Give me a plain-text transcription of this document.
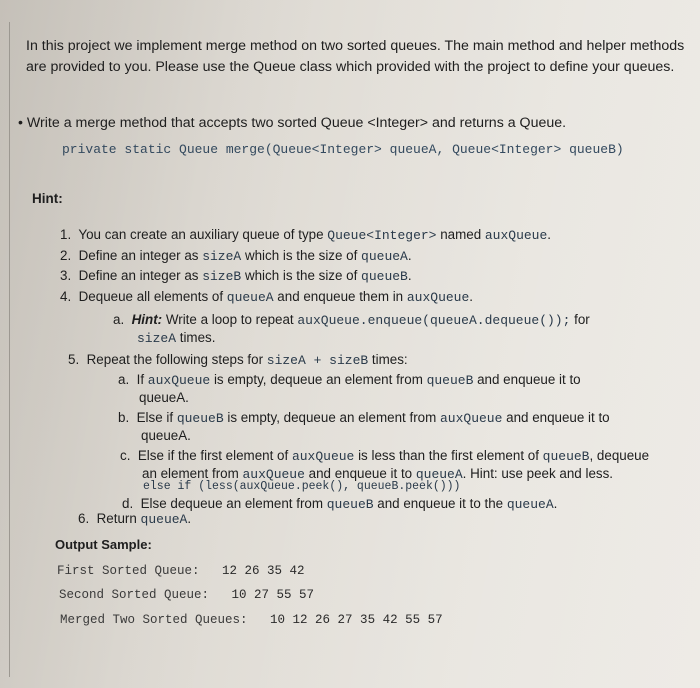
In this project we implement merge method on two sorted queues. The main method and helper methods are provided to you. Please use the Queue class which provided with the project to define your queues.
• Write a merge method that accepts two sorted Queue <Integer> and returns a Queue.
private static Queue merge(Queue<Integer> queueA, Queue<Integer> queueB)
Hint:
1. You can create an auxiliary queue of type Queue<Integer> named auxQueue.
2. Define an integer as sizeA which is the size of queueA.
3. Define an integer as sizeB which is the size of queueB.
4. Dequeue all elements of queueA and enqueue them in auxQueue.
a. Hint: Write a loop to repeat auxQueue.enqueue(queueA.dequeue()); for
sizeA times.
5. Repeat the following steps for sizeA + sizeB times:
a. If auxQueue is empty, dequeue an element from queueB and enqueue it to
queueA.
b. Else if queueB is empty, dequeue an element from auxQueue and enqueue it to
queueA.
c. Else if the first element of auxQueue is less than the first element of queueB, dequeue
an element from auxQueue and enqueue it to queueA. Hint: use peek and less.
else if (less(auxQueue.peek(), queueB.peek()))
d. Else dequeue an element from queueB and enqueue it to the queueA.
6. Return queueA.
Output Sample:
First Sorted Queue: 12 26 35 42
Second Sorted Queue: 10 27 55 57
Merged Two Sorted Queues: 10 12 26 27 35 42 55 57
